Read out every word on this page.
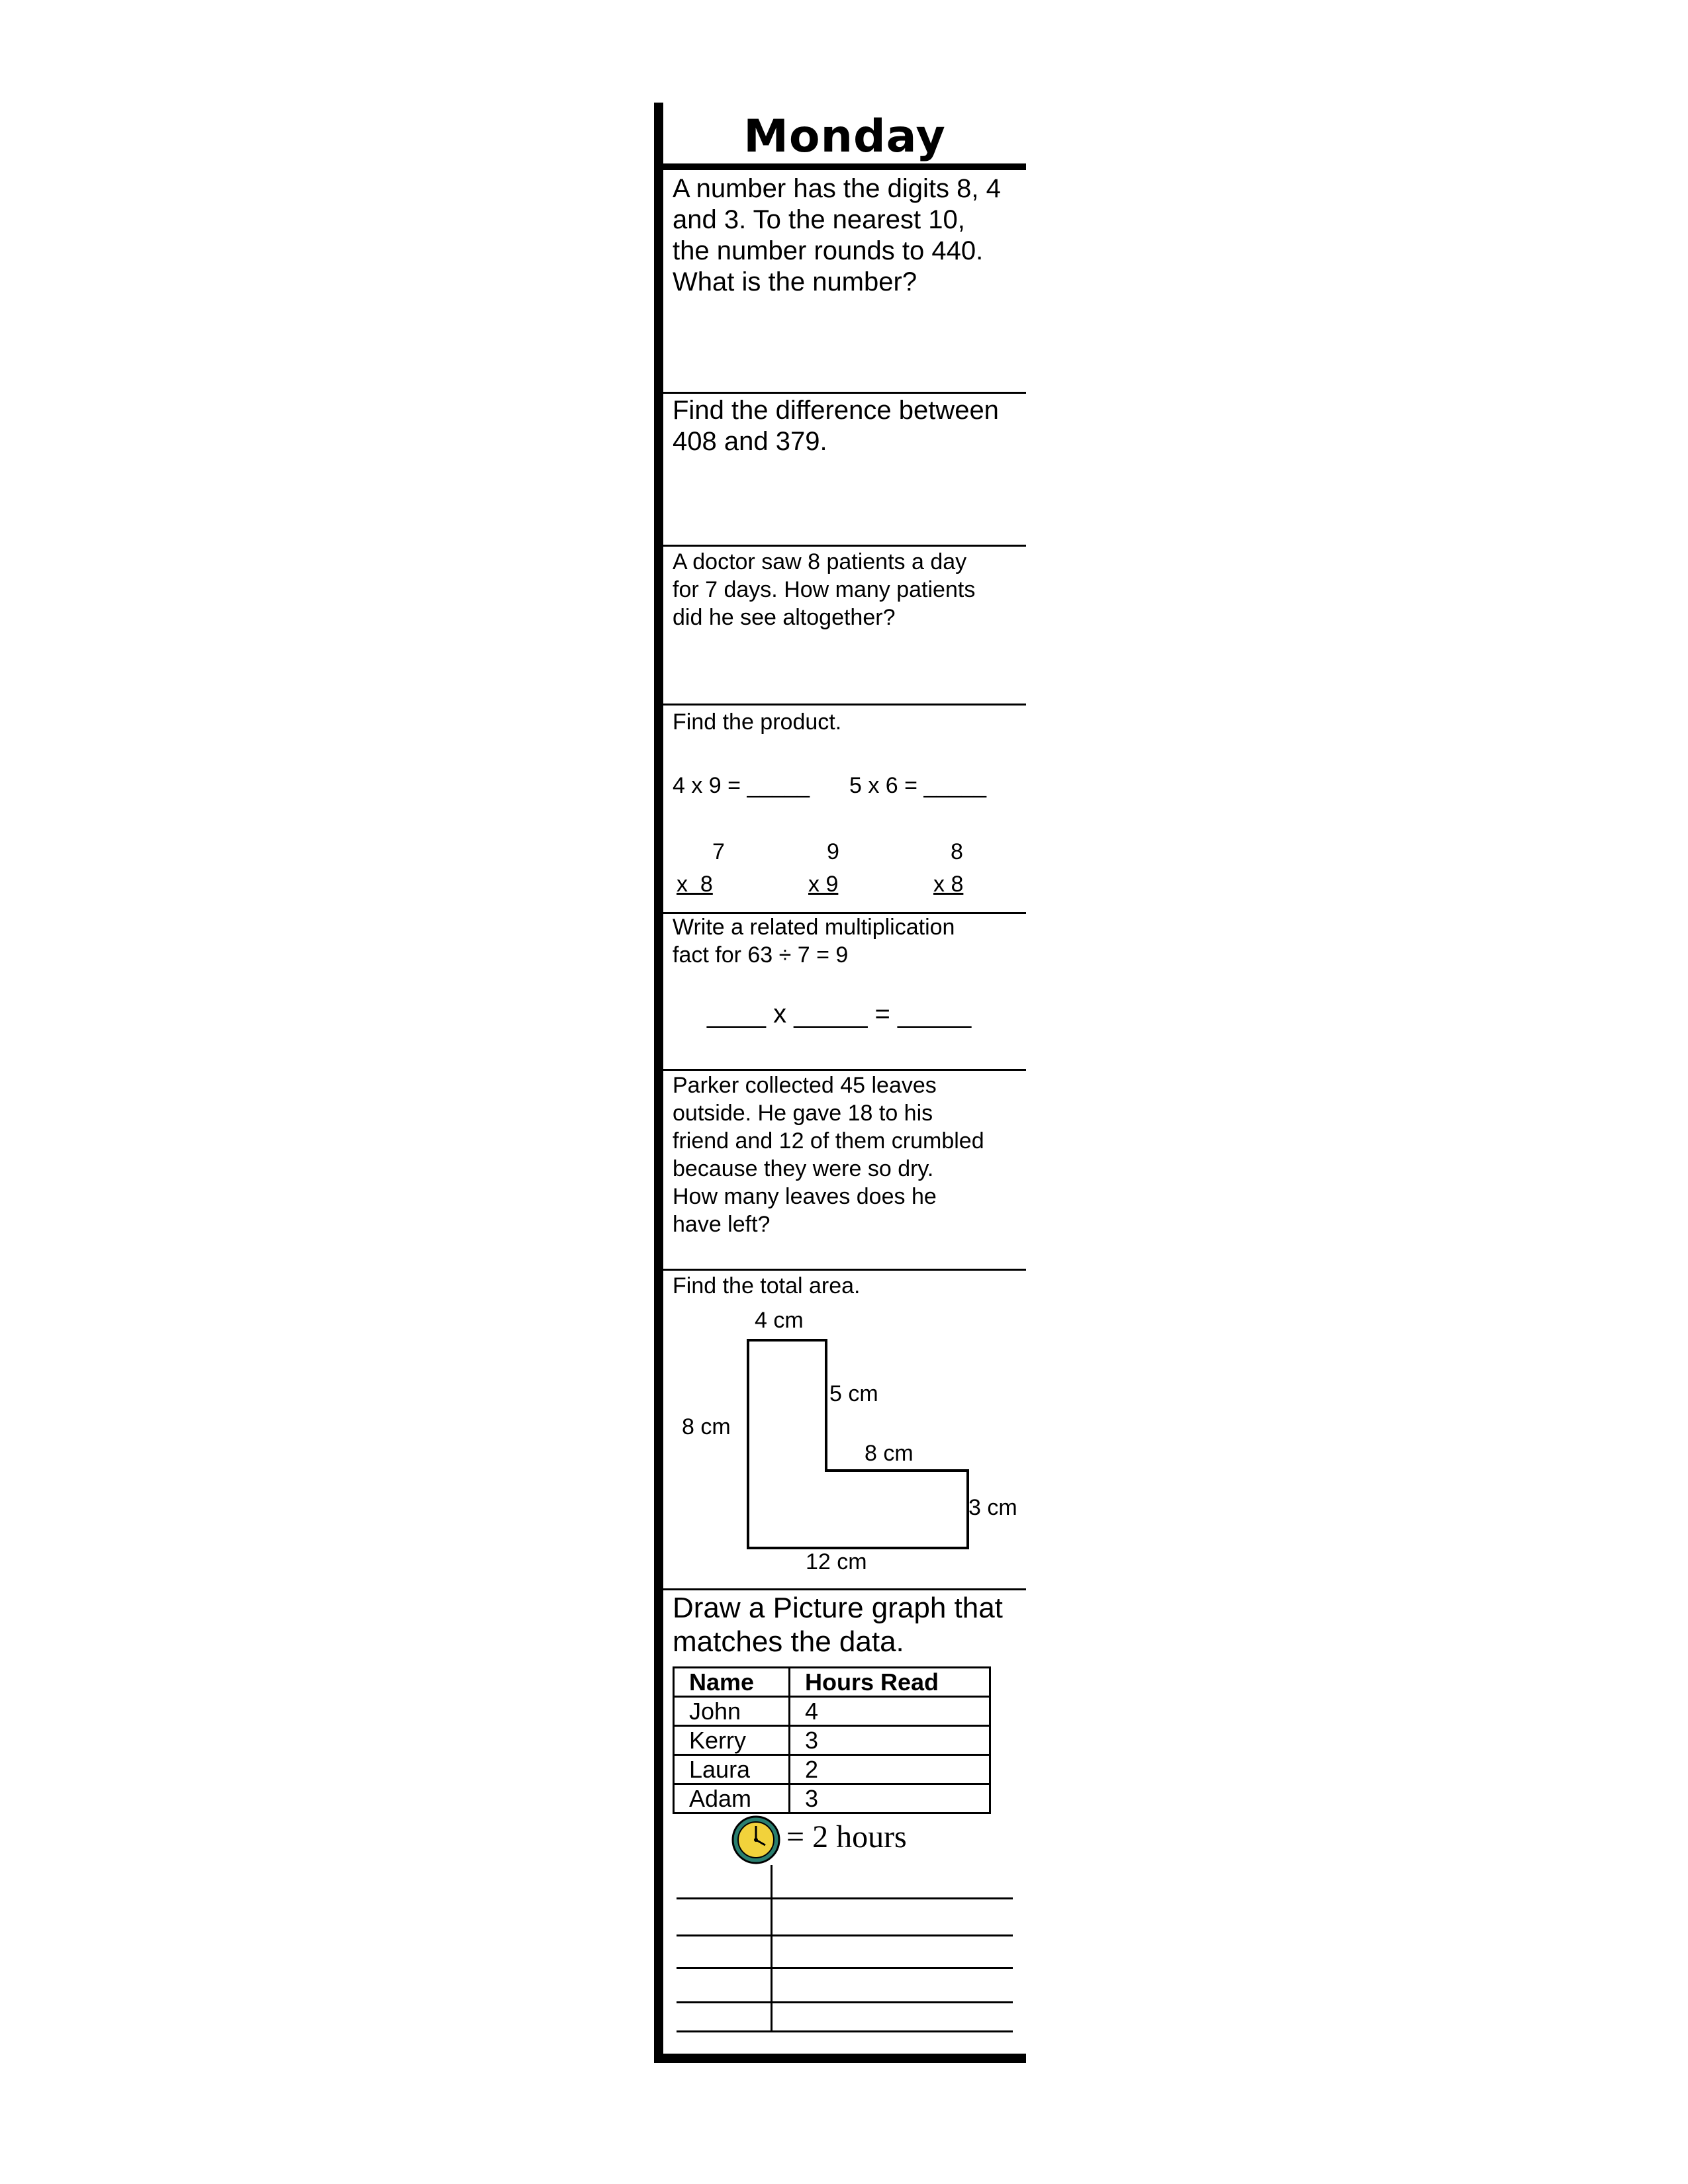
Monday
A number has the digits 8, 4
and 3. To the nearest 10,
the number rounds to 440.
What is the number?
Find the difference between
408 and 379.
A doctor saw 8 patients a day
for 7 days. How many patients
did he see altogether?
Find the product.
4 x 9 = _____ 5 x 6 = _____
7
x  8
9
x 9
8
x 8
Write a related multiplication
fact for 63 ÷ 7 = 9
____ x _____ = _____
Parker collected 45 leaves
outside. He gave 18 to his
friend and 12 of them crumbled
because they were so dry.
How many leaves does he
have left?
Find the total area.
4 cm
8 cm
5 cm
8 cm
3 cm
12 cm
Draw a Picture graph that
matches the data.
Name	Hours Read
John	4
Kerry	3
Laura	2
Adam	3
= 2 hours
